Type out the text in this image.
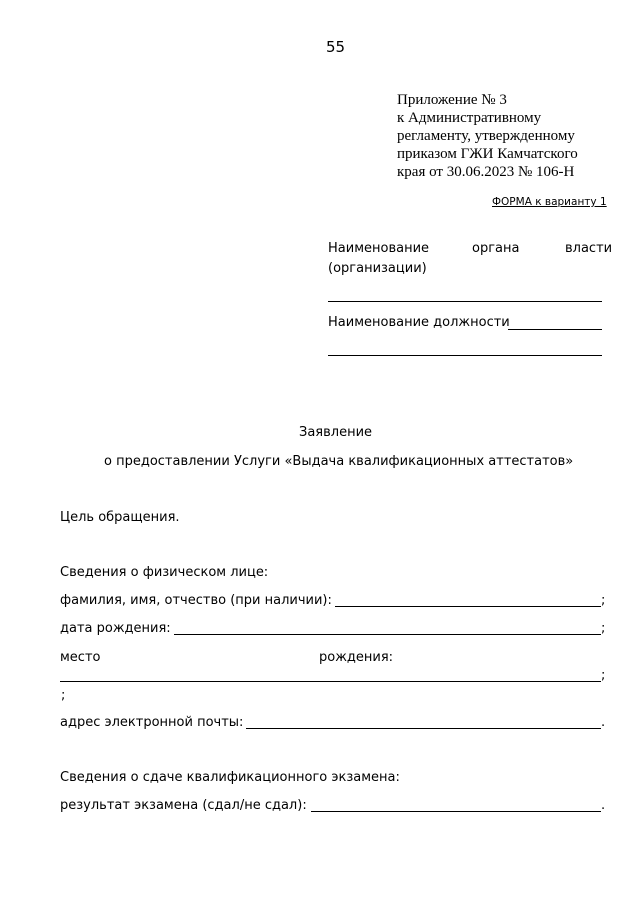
55
Приложение № 3
к Административному
регламенту, утвержденному
приказом ГЖИ Камчатского
края от 30.06.2023 № 106-Н
ФОРМА к варианту 1
Наименование	органа	власти
(организации)
Наименование должности
Заявление
о предоставлении Услуги «Выдача квалификационных аттестатов»
Цель обращения.
Сведения о физическом лице:
фамилия, имя, отчество (при наличии):	;
дата рождения:	;
место	рождения:
;
;
адрес электронной почты:	.
Сведения о сдаче квалификационного экзамена:
результат экзамена (сдал/не сдал):	.
